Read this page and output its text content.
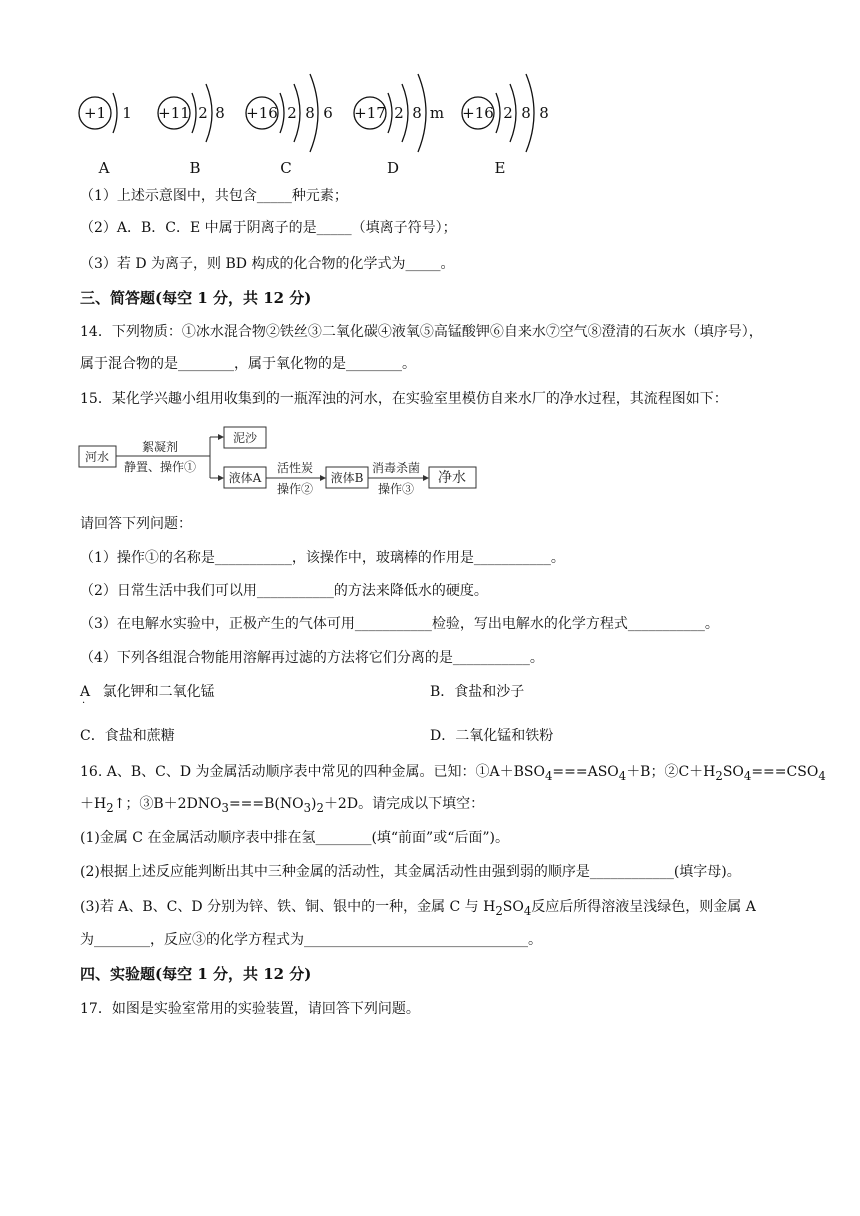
+1 1
A
+11 2 8
B
+16 2 8 6
C
+17 2 8 m
D
+16 2 8 8
E
（1）上述示意图中，共包含_____种元素；
（2）A．B．C．E 中属于阴离子的是_____（填离子符号）；
（3）若 D 为离子，则 BD 构成的化合物的化学式为_____。
三、简答题(每空 1 分，共 12 分)
14．下列物质：①冰水混合物②铁丝③二氧化碳④液氧⑤高锰酸钾⑥自来水⑦空气⑧澄清的石灰水（填序号），
属于混合物的是________，属于氧化物的是________。
15．某化学兴趣小组用收集到的一瓶浑浊的河水，在实验室里模仿自来水厂的净水过程，其流程图如下：
河水
絮凝剂
静置、操作①
泥沙
液体A
活性炭
操作②
液体B
消毒杀菌
操作③
净水
请回答下列问题：
（1）操作①的名称是___________，该操作中，玻璃棒的作用是___________。
（2）日常生活中我们可以用___________的方法来降低水的硬度。
（3）在电解水实验中，正极产生的气体可用___________检验，写出电解水的化学方程式___________。
（4）下列各组混合物能用溶解再过滤的方法将它们分离的是___________。
A
·
氯化钾和二氧化锰	B．食盐和沙子
C．食盐和蔗糖	D．二氧化锰和铁粉
16. A、B、C、D 为金属活动顺序表中常见的四种金属。已知：$①A+BSO_4===ASO_4+B$；$②C+H_2SO_4===CSO_4$
$+H_2↑$；$③B+2DNO_3===B(NO_3)_2+2D$。请完成以下填空：
(1)金属 C 在金属活动顺序表中排在氢________(填“前面”或“后面”)。
(2)根据上述反应能判断出其中三种金属的活动性，其金属活动性由强到弱的顺序是____________(填字母)。
(3)若 A、B、C、D 分别为锌、铁、铜、银中的一种，金属 C 与 $H_2SO_4$反应后所得溶液呈浅绿色，则金属 A
为________，反应③的化学方程式为________________________________。
四、实验题(每空 1 分，共 12 分)
17．如图是实验室常用的实验装置，请回答下列问题。
